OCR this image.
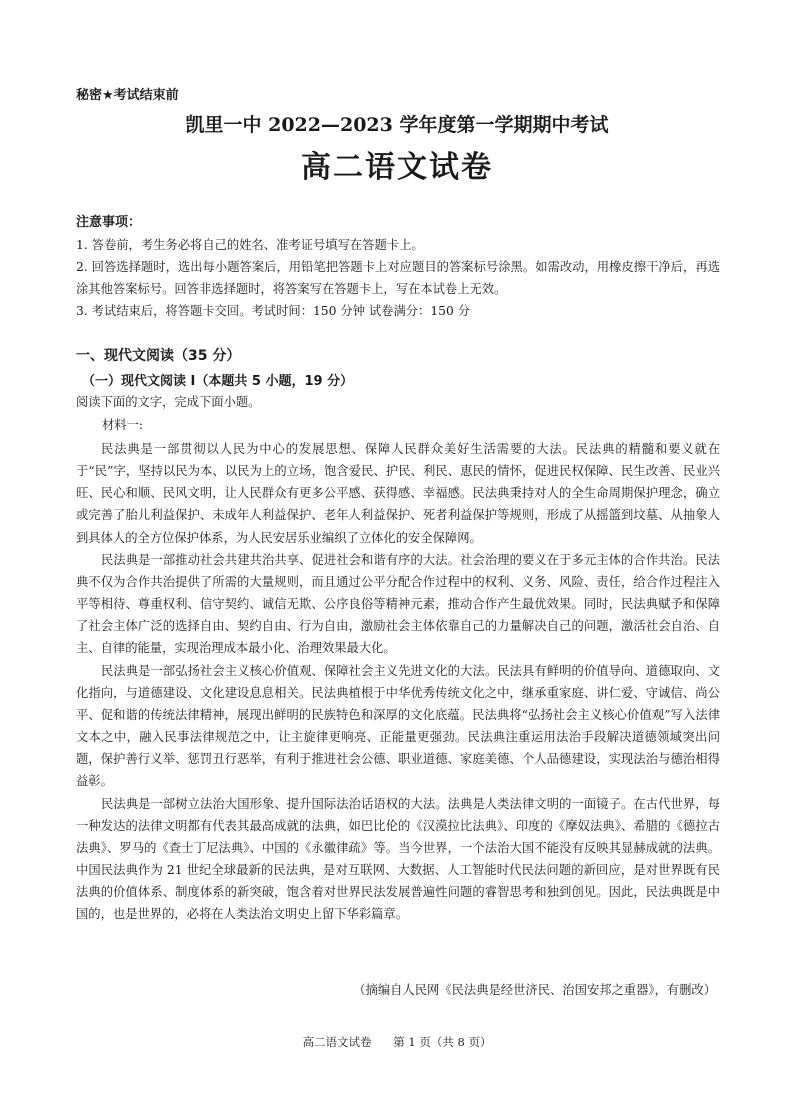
秘密★考试结束前
凯里一中 2022—2023 学年度第一学期期中考试
高二语文试卷
注意事项：
1. 答卷前，考生务必将自己的姓名、准考证号填写在答题卡上。
2. 回答选择题时，选出每小题答案后，用铅笔把答题卡上对应题目的答案标号涂黑。如需改动，用橡皮擦干净后，再选涂其他答案标号。回答非选择题时，将答案写在答题卡上，写在本试卷上无效。
3. 考试结束后，将答题卡交回。考试时间：150 分钟 试卷满分：150 分
一、现代文阅读（35 分）
（一）现代文阅读 I（本题共 5 小题，19 分）
阅读下面的文字，完成下面小题。
材料一:

民法典是一部贯彻以人民为中心的发展思想、保障人民群众美好生活需要的大法。民法典的精髓和要义就在于“民”字，坚持以民为本、以民为上的立场，饱含爱民、护民、利民、恵民的情怀，促进民权保障、民生改善、民业兴旺、民心和顺、民风文明，让人民群众有更多公平感、获得感、幸福感。民法典秉持对人的全生命周期保护理念，确立或完善了胎儿利益保护、未成年人利益保护、老年人利益保护、死者利益保护等规则，形成了从摇篮到坟墓、从抽象人到具体人的全方位保护体系，为人民安居乐业编织了立体化的安全保障网。

民法典是一部推动社会共建共治共享、促进社会和谐有序的大法。社会治理的要义在于多元主体的合作共治。民法典不仅为合作共治提供了所需的大量规则，而且通过公平分配合作过程中的权利、义务、风险、责任，给合作过程注入平等相待、尊重权利、信守契约、诚信无欺、公序良俗等精神元素，推动合作产生最优效果。同时，民法典赋予和保障了社会主体广泛的选择自由、契约自由、行为自由，激励社会主体依靠自己的力量解决自己的问题，激活社会自治、自主、自律的能量，实现治理成本最小化、治理效果最大化。

民法典是一部弘扬社会主义核心价值观、保障社会主义先进文化的大法。民法具有鲜明的价值导向、道德取向、文化指向，与道德建设、文化建设息息相关。民法典植根于中华优秀传统文化之中，继承重家庭、讲仁爱、守诚信、尚公平、促和谐的传统法律精神，展现出鲜明的民族特色和深厚的文化底蕴。民法典将“弘扬社会主义核心价值观”写入法律文本之中，融入民事法律规范之中，让主旋律更响亮、正能量更强劲。民法典注重运用法治手段解决道德领域突出问题，保护善行义举、惩罚丑行恶举，有利于推进社会公德、职业道德、家庭美德、个人品德建设，实现法治与德治相得益彰。

民法典是一部树立法治大国形象、提升国际法治话语权的大法。法典是人类法律文明的一面镜子。在古代世界，每一种发达的法律文明都有代表其最高成就的法典，如巴比伦的《汉漠拉比法典》、印度的《摩奴法典》、希腊的《德拉古法典》、罗马的《查士丁尼法典》、中国的《永徽律疏》等。当今世界，一个法治大国不能没有反映其显赫成就的法典。中国民法典作为 21 世纪全球最新的民法典，是对互联网、大数据、人工智能时代民法问题的新回应，是对世界既有民法典的价值体系、制度体系的新突破，饱含着对世界民法发展普遍性问题的睿智思考和独到创见。因此，民法典既是中国的，也是世界的，必将在人类法治文明史上留下华彩篇章。

（摘编自人民网《民法典是经世济民、治国安邦之重器》，有删改）
高二语文试卷 第 1 页（共 8 页）
